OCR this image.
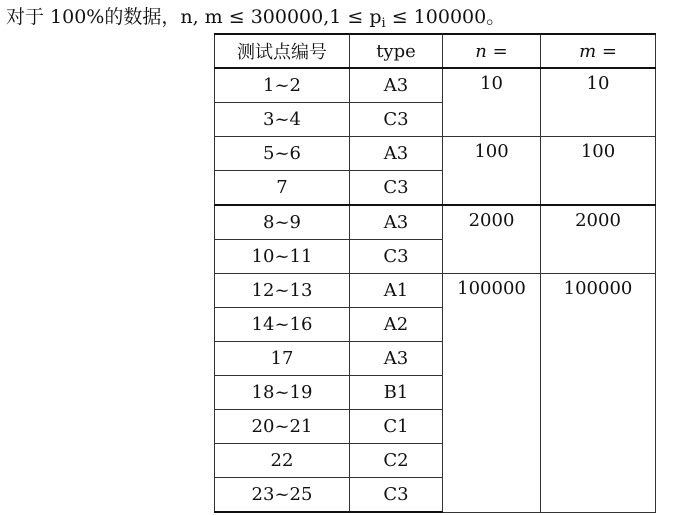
对于 100%的数据，n, $m \le 300000,1 \le p_i \le 100000$。
测试点编号	type	n =	m =
1~2	A3	10	10
3~4	C3		
5~6	A3	100	100
7	C3		
8~9	A3	2000	2000
10~11	C3		
12~13	A1	100000	100000
14~16	A2		
17	A3		
18~19	B1		
20~21	C1		
22	C2		
23~25	C3		
